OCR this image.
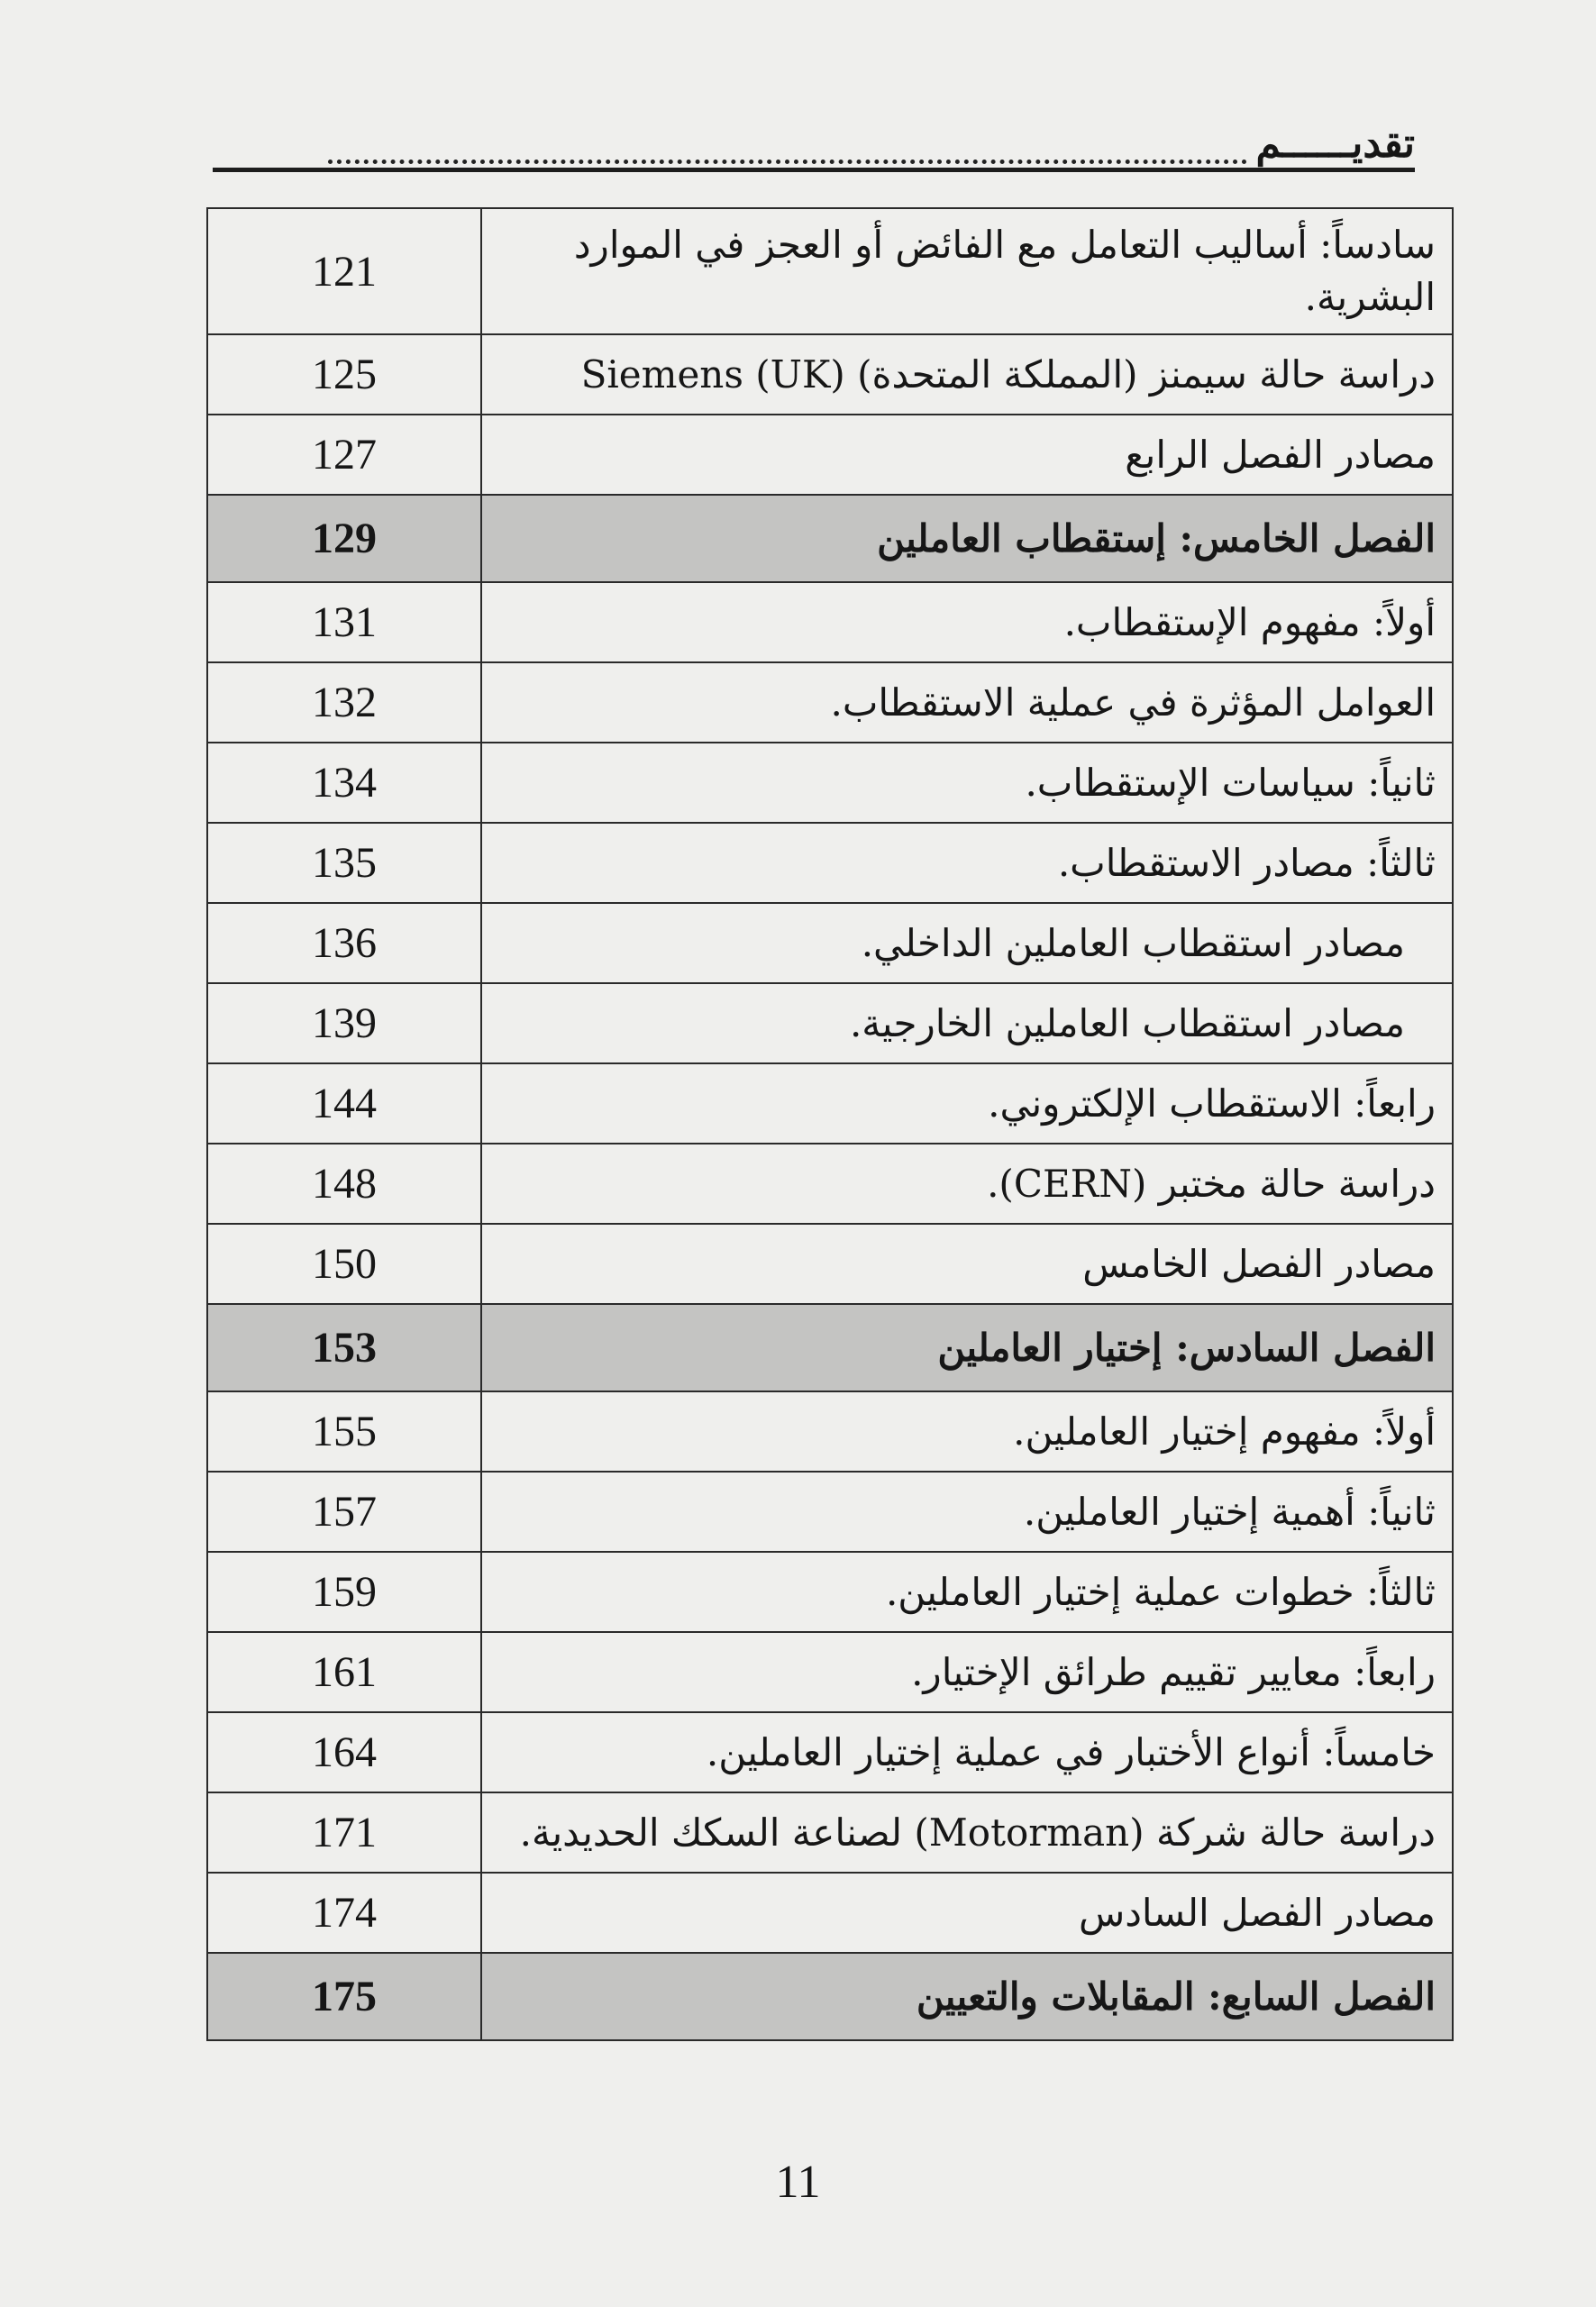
تقديــــــم
سادساً: أساليب التعامل مع الفائض أو العجز في الموارد البشرية.	121
دراسة حالة سيمنز (المملكة المتحدة) Siemens (UK)	125
مصادر الفصل الرابع	127
الفصل الخامس: إستقطاب العاملين	129
أولاً: مفهوم الإستقطاب.	131
العوامل المؤثرة في عملية الاستقطاب.	132
ثانياً: سياسات الإستقطاب.	134
ثالثاً: مصادر الاستقطاب.	135
مصادر استقطاب العاملين الداخلي.	136
مصادر استقطاب العاملين الخارجية.	139
رابعاً: الاستقطاب الإلكتروني.	144
دراسة حالة مختبر (CERN).	148
مصادر الفصل الخامس	150
الفصل السادس: إختيار العاملين	153
أولاً: مفهوم إختيار العاملين.	155
ثانياً: أهمية إختيار العاملين.	157
ثالثاً: خطوات عملية إختيار العاملين.	159
رابعاً: معايير تقييم طرائق الإختيار.	161
خامساً: أنواع الأختبار في عملية إختيار العاملين.	164
دراسة حالة شركة (Motorman) لصناعة السكك الحديدية.	171
مصادر الفصل السادس	174
الفصل السابع: المقابلات والتعيين	175
11
